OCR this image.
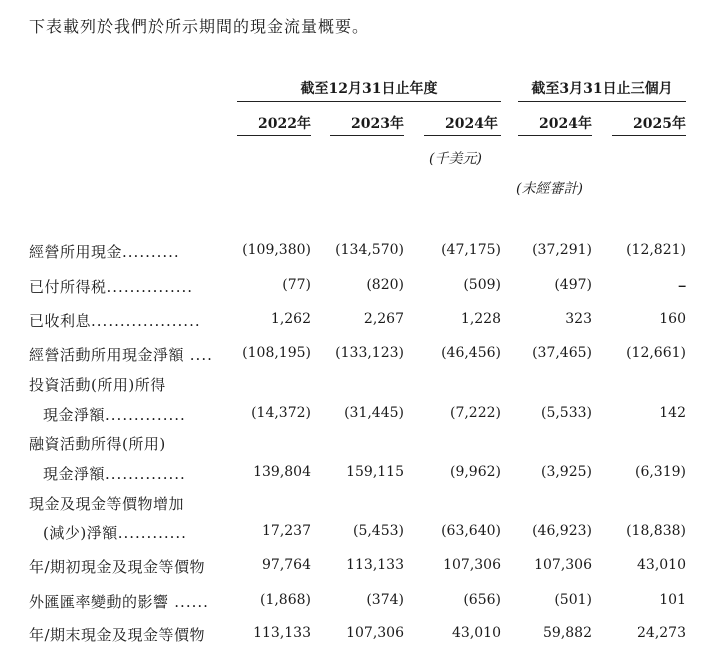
下表載列於我們於所示期間的現金流量概要。
截至12月31日止年度	截至3月31日止三個月
2022年	2023年	2024年	2024年	2025年
(千美元)
(未經審計)
經營所用現金..........	(109,380)	(134,570)	(47,175)	(37,291)	(12,821)
已付所得税...............	(77)	(820)	(509)	(497)	–
已收利息...................	1,262	2,267	1,228	323	160
經營活動所用現金淨額 ....	(108,195)	(133,123)	(46,456)	(37,465)	(12,661)
投資活動(所用)所得
現金淨額..............	(14,372)	(31,445)	(7,222)	(5,533)	142
融資活動所得(所用)
現金淨額..............	139,804	159,115	(9,962)	(3,925)	(6,319)
現金及現金等價物增加
(減少)淨額............	17,237	(5,453)	(63,640)	(46,923)	(18,838)
年/期初現金及現金等價物	97,764	113,133	107,306	107,306	43,010
外匯匯率變動的影響 ......	(1,868)	(374)	(656)	(501)	101
年/期末現金及現金等價物	113,133	107,306	43,010	59,882	24,273
